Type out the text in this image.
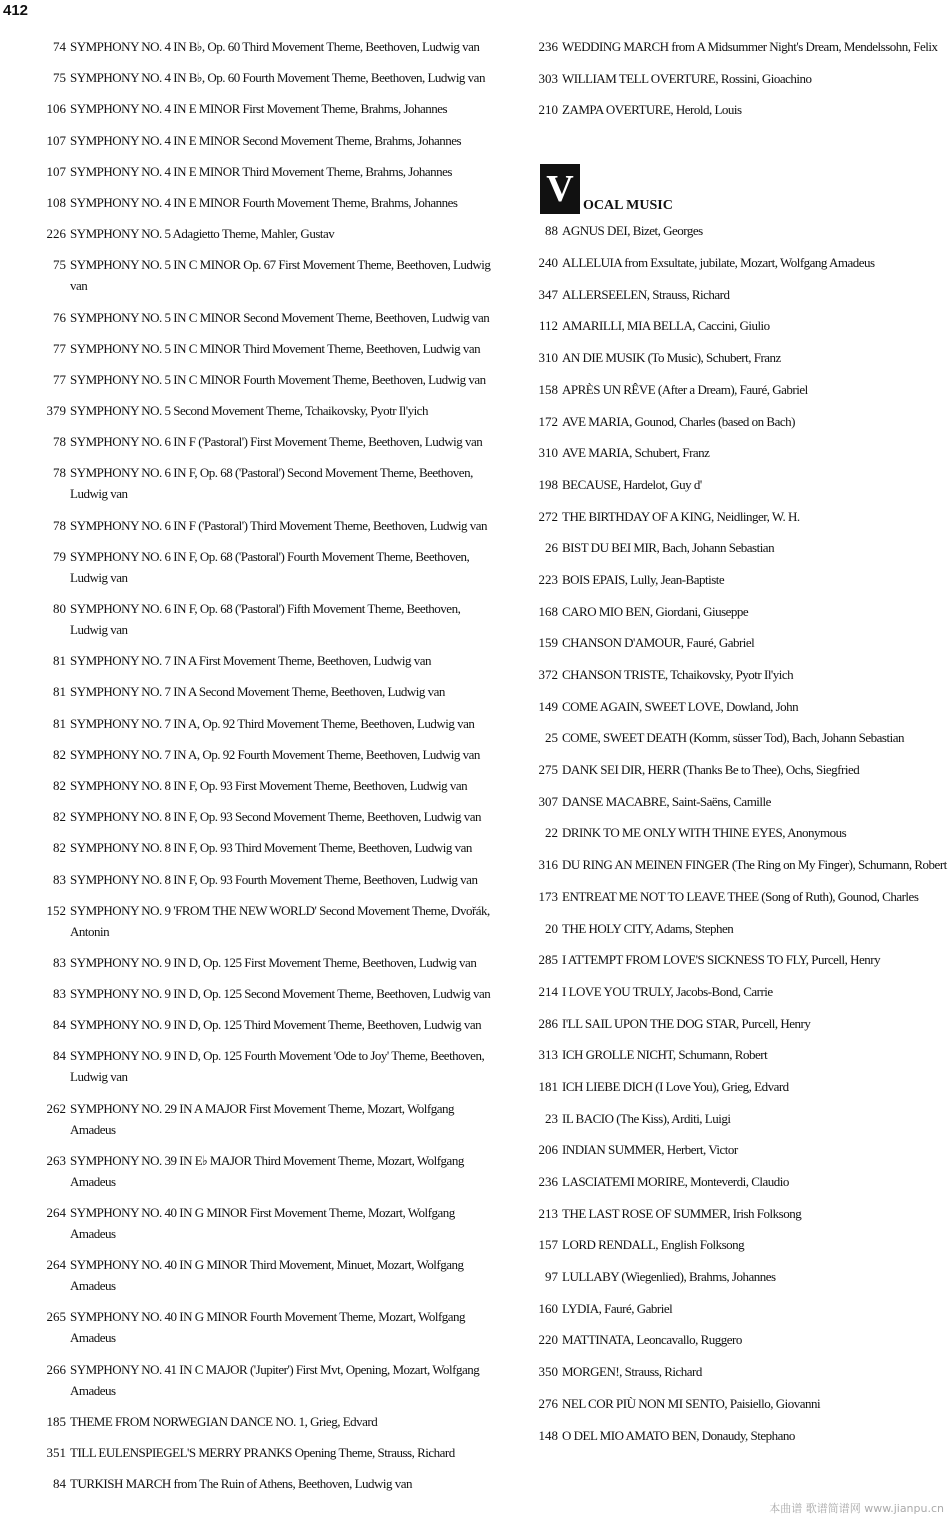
412
74 SYMPHONY NO. 4 IN B♭, Op. 60 Third Movement Theme, Beethoven, Ludwig van
75 SYMPHONY NO. 4 IN B♭, Op. 60 Fourth Movement Theme, Beethoven, Ludwig van
106 SYMPHONY NO. 4 IN E MINOR First Movement Theme, Brahms, Johannes
107 SYMPHONY NO. 4 IN E MINOR Second Movement Theme, Brahms, Johannes
107 SYMPHONY NO. 4 IN E MINOR Third Movement Theme, Brahms, Johannes
108 SYMPHONY NO. 4 IN E MINOR Fourth Movement Theme, Brahms, Johannes
226 SYMPHONY NO. 5 Adagietto Theme, Mahler, Gustav
75 SYMPHONY NO. 5 IN C MINOR Op. 67 First Movement Theme, Beethoven, Ludwig van
76 SYMPHONY NO. 5 IN C MINOR Second Movement Theme, Beethoven, Ludwig van
77 SYMPHONY NO. 5 IN C MINOR Third Movement Theme, Beethoven, Ludwig van
77 SYMPHONY NO. 5 IN C MINOR Fourth Movement Theme, Beethoven, Ludwig van
379 SYMPHONY NO. 5 Second Movement Theme, Tchaikovsky, Pyotr Il'yich
78 SYMPHONY NO. 6 IN F ('Pastoral') First Movement Theme, Beethoven, Ludwig van
78 SYMPHONY NO. 6 IN F, Op. 68 ('Pastoral') Second Movement Theme, Beethoven, Ludwig van
78 SYMPHONY NO. 6 IN F ('Pastoral') Third Movement Theme, Beethoven, Ludwig van
79 SYMPHONY NO. 6 IN F, Op. 68 ('Pastoral') Fourth Movement Theme, Beethoven, Ludwig van
80 SYMPHONY NO. 6 IN F, Op. 68 ('Pastoral') Fifth Movement Theme, Beethoven, Ludwig van
81 SYMPHONY NO. 7 IN A First Movement Theme, Beethoven, Ludwig van
81 SYMPHONY NO. 7 IN A Second Movement Theme, Beethoven, Ludwig van
81 SYMPHONY NO. 7 IN A, Op. 92 Third Movement Theme, Beethoven, Ludwig van
82 SYMPHONY NO. 7 IN A, Op. 92 Fourth Movement Theme, Beethoven, Ludwig van
82 SYMPHONY NO. 8 IN F, Op. 93 First Movement Theme, Beethoven, Ludwig van
82 SYMPHONY NO. 8 IN F, Op. 93 Second Movement Theme, Beethoven, Ludwig van
82 SYMPHONY NO. 8 IN F, Op. 93 Third Movement Theme, Beethoven, Ludwig van
83 SYMPHONY NO. 8 IN F, Op. 93 Fourth Movement Theme, Beethoven, Ludwig van
152 SYMPHONY NO. 9 'FROM THE NEW WORLD' Second Movement Theme, Dvořák, Antonin
83 SYMPHONY NO. 9 IN D, Op. 125 First Movement Theme, Beethoven, Ludwig van
83 SYMPHONY NO. 9 IN D, Op. 125 Second Movement Theme, Beethoven, Ludwig van
84 SYMPHONY NO. 9 IN D, Op. 125 Third Movement Theme, Beethoven, Ludwig van
84 SYMPHONY NO. 9 IN D, Op. 125 Fourth Movement 'Ode to Joy' Theme, Beethoven, Ludwig van
262 SYMPHONY NO. 29 IN A MAJOR First Movement Theme, Mozart, Wolfgang Amadeus
263 SYMPHONY NO. 39 IN E♭ MAJOR Third Movement Theme, Mozart, Wolfgang Amadeus
264 SYMPHONY NO. 40 IN G MINOR First Movement Theme, Mozart, Wolfgang Amadeus
264 SYMPHONY NO. 40 IN G MINOR Third Movement, Minuet, Mozart, Wolfgang Amadeus
265 SYMPHONY NO. 40 IN G MINOR Fourth Movement Theme, Mozart, Wolfgang Amadeus
266 SYMPHONY NO. 41 IN C MAJOR ('Jupiter') First Mvt, Opening, Mozart, Wolfgang Amadeus
185 THEME FROM NORWEGIAN DANCE NO. 1, Grieg, Edvard
351 TILL EULENSPIEGEL'S MERRY PRANKS Opening Theme, Strauss, Richard
84 TURKISH MARCH from The Ruin of Athens, Beethoven, Ludwig van
236 WEDDING MARCH from A Midsummer Night's Dream, Mendelssohn, Felix
303 WILLIAM TELL OVERTURE, Rossini, Gioachino
210 ZAMPA OVERTURE, Herold, Louis
V OCAL MUSIC
88 AGNUS DEI, Bizet, Georges
240 ALLELUIA from Exsultate, jubilate, Mozart, Wolfgang Amadeus
347 ALLERSEELEN, Strauss, Richard
112 AMARILLI, MIA BELLA, Caccini, Giulio
310 AN DIE MUSIK (To Music), Schubert, Franz
158 APRÈS UN RÊVE (After a Dream), Fauré, Gabriel
172 AVE MARIA, Gounod, Charles (based on Bach)
310 AVE MARIA, Schubert, Franz
198 BECAUSE, Hardelot, Guy d'
272 THE BIRTHDAY OF A KING, Neidlinger, W. H.
26 BIST DU BEI MIR, Bach, Johann Sebastian
223 BOIS EPAIS, Lully, Jean-Baptiste
168 CARO MIO BEN, Giordani, Giuseppe
159 CHANSON D'AMOUR, Fauré, Gabriel
372 CHANSON TRISTE, Tchaikovsky, Pyotr Il'yich
149 COME AGAIN, SWEET LOVE, Dowland, John
25 COME, SWEET DEATH (Komm, süsser Tod), Bach, Johann Sebastian
275 DANK SEI DIR, HERR (Thanks Be to Thee), Ochs, Siegfried
307 DANSE MACABRE, Saint-Saëns, Camille
22 DRINK TO ME ONLY WITH THINE EYES, Anonymous
316 DU RING AN MEINEN FINGER (The Ring on My Finger), Schumann, Robert
173 ENTREAT ME NOT TO LEAVE THEE (Song of Ruth), Gounod, Charles
20 THE HOLY CITY, Adams, Stephen
285 I ATTEMPT FROM LOVE'S SICKNESS TO FLY, Purcell, Henry
214 I LOVE YOU TRULY, Jacobs-Bond, Carrie
286 I'LL SAIL UPON THE DOG STAR, Purcell, Henry
313 ICH GROLLE NICHT, Schumann, Robert
181 ICH LIEBE DICH (I Love You), Grieg, Edvard
23 IL BACIO (The Kiss), Arditi, Luigi
206 INDIAN SUMMER, Herbert, Victor
236 LASCIATEMI MORIRE, Monteverdi, Claudio
213 THE LAST ROSE OF SUMMER, Irish Folksong
157 LORD RENDALL, English Folksong
97 LULLABY (Wiegenlied), Brahms, Johannes
160 LYDIA, Fauré, Gabriel
220 MATTINATA, Leoncavallo, Ruggero
350 MORGEN!, Strauss, Richard
276 NEL COR PIÙ NON MI SENTO, Paisiello, Giovanni
148 O DEL MIO AMATO BEN, Donaudy, Stephano
本曲谱 歌谱简谱网 www.jianpu.cn
